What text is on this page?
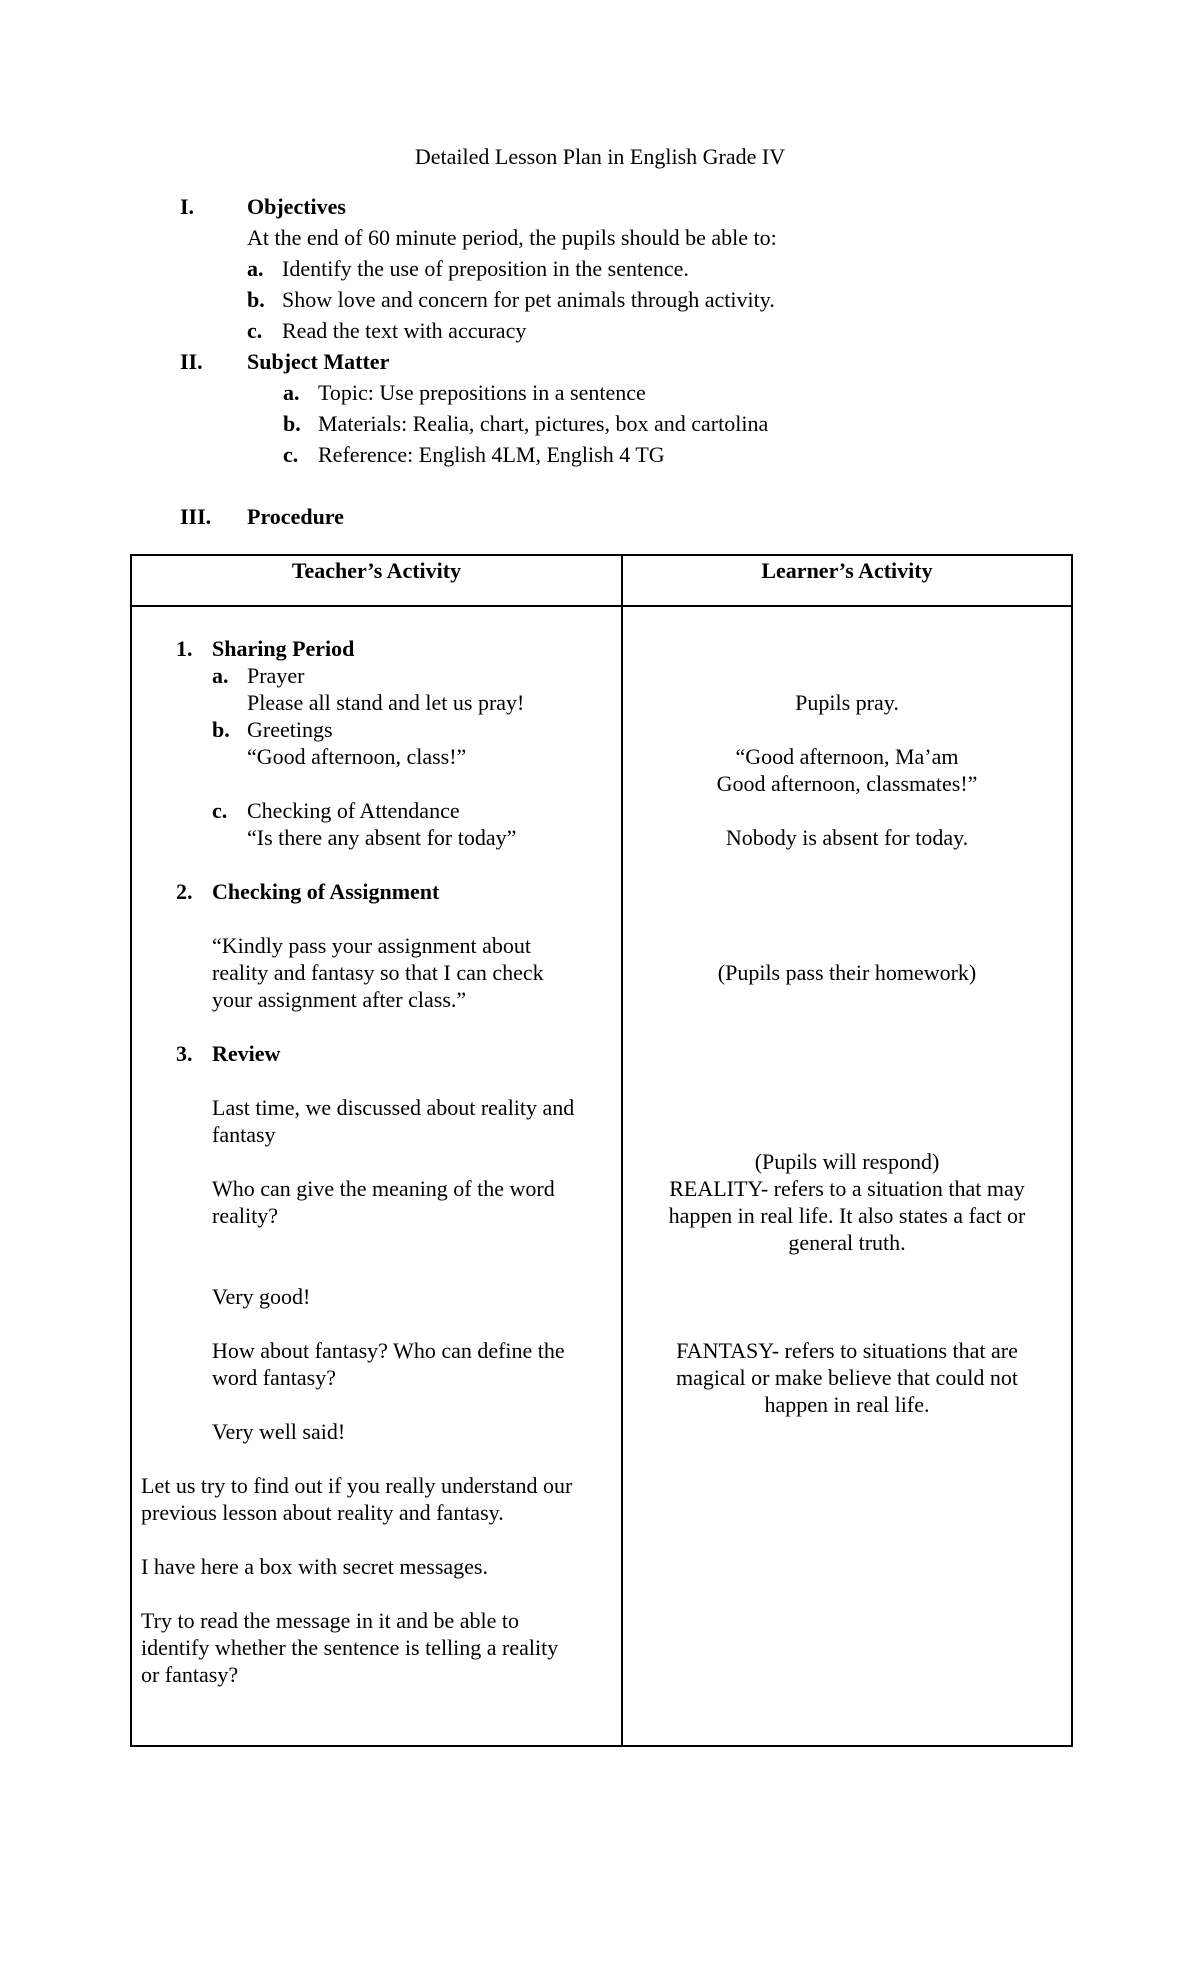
Detailed Lesson Plan in English Grade IV
I. Objectives
At the end of 60 minute period, the pupils should be able to:
a. Identify the use of preposition in the sentence.
b. Show love and concern for pet animals through activity.
c. Read the text with accuracy
II. Subject Matter
a. Topic: Use prepositions in a sentence
b. Materials: Realia, chart, pictures, box and cartolina
c. Reference: English 4LM, English 4 TG
III. Procedure
Teacher’s Activity	Learner’s Activity
1. Sharing Period
a. Prayer
Please all stand and let us pray!
b. Greetings
“Good afternoon, class!”
c. Checking of Attendance
“Is there any absent for today”
2. Checking of Assignment
“Kindly pass your assignment about
reality and fantasy so that I can check
your assignment after class.”
3. Review
Last time, we discussed about reality and
fantasy
Who can give the meaning of the word
reality?
Very good!
How about fantasy? Who can define the
word fantasy?
Very well said!
Let us try to find out if you really understand our
previous lesson about reality and fantasy.
I have here a box with secret messages.
Try to read the message in it and be able to
identify whether the sentence is telling a reality
or fantasy?
Pupils pray.
“Good afternoon, Ma’am
Good afternoon, classmates!”
Nobody is absent for today.
(Pupils pass their homework)
(Pupils will respond)
REALITY- refers to a situation that may
happen in real life. It also states a fact or
general truth.
FANTASY- refers to situations that are
magical or make believe that could not
happen in real life.
